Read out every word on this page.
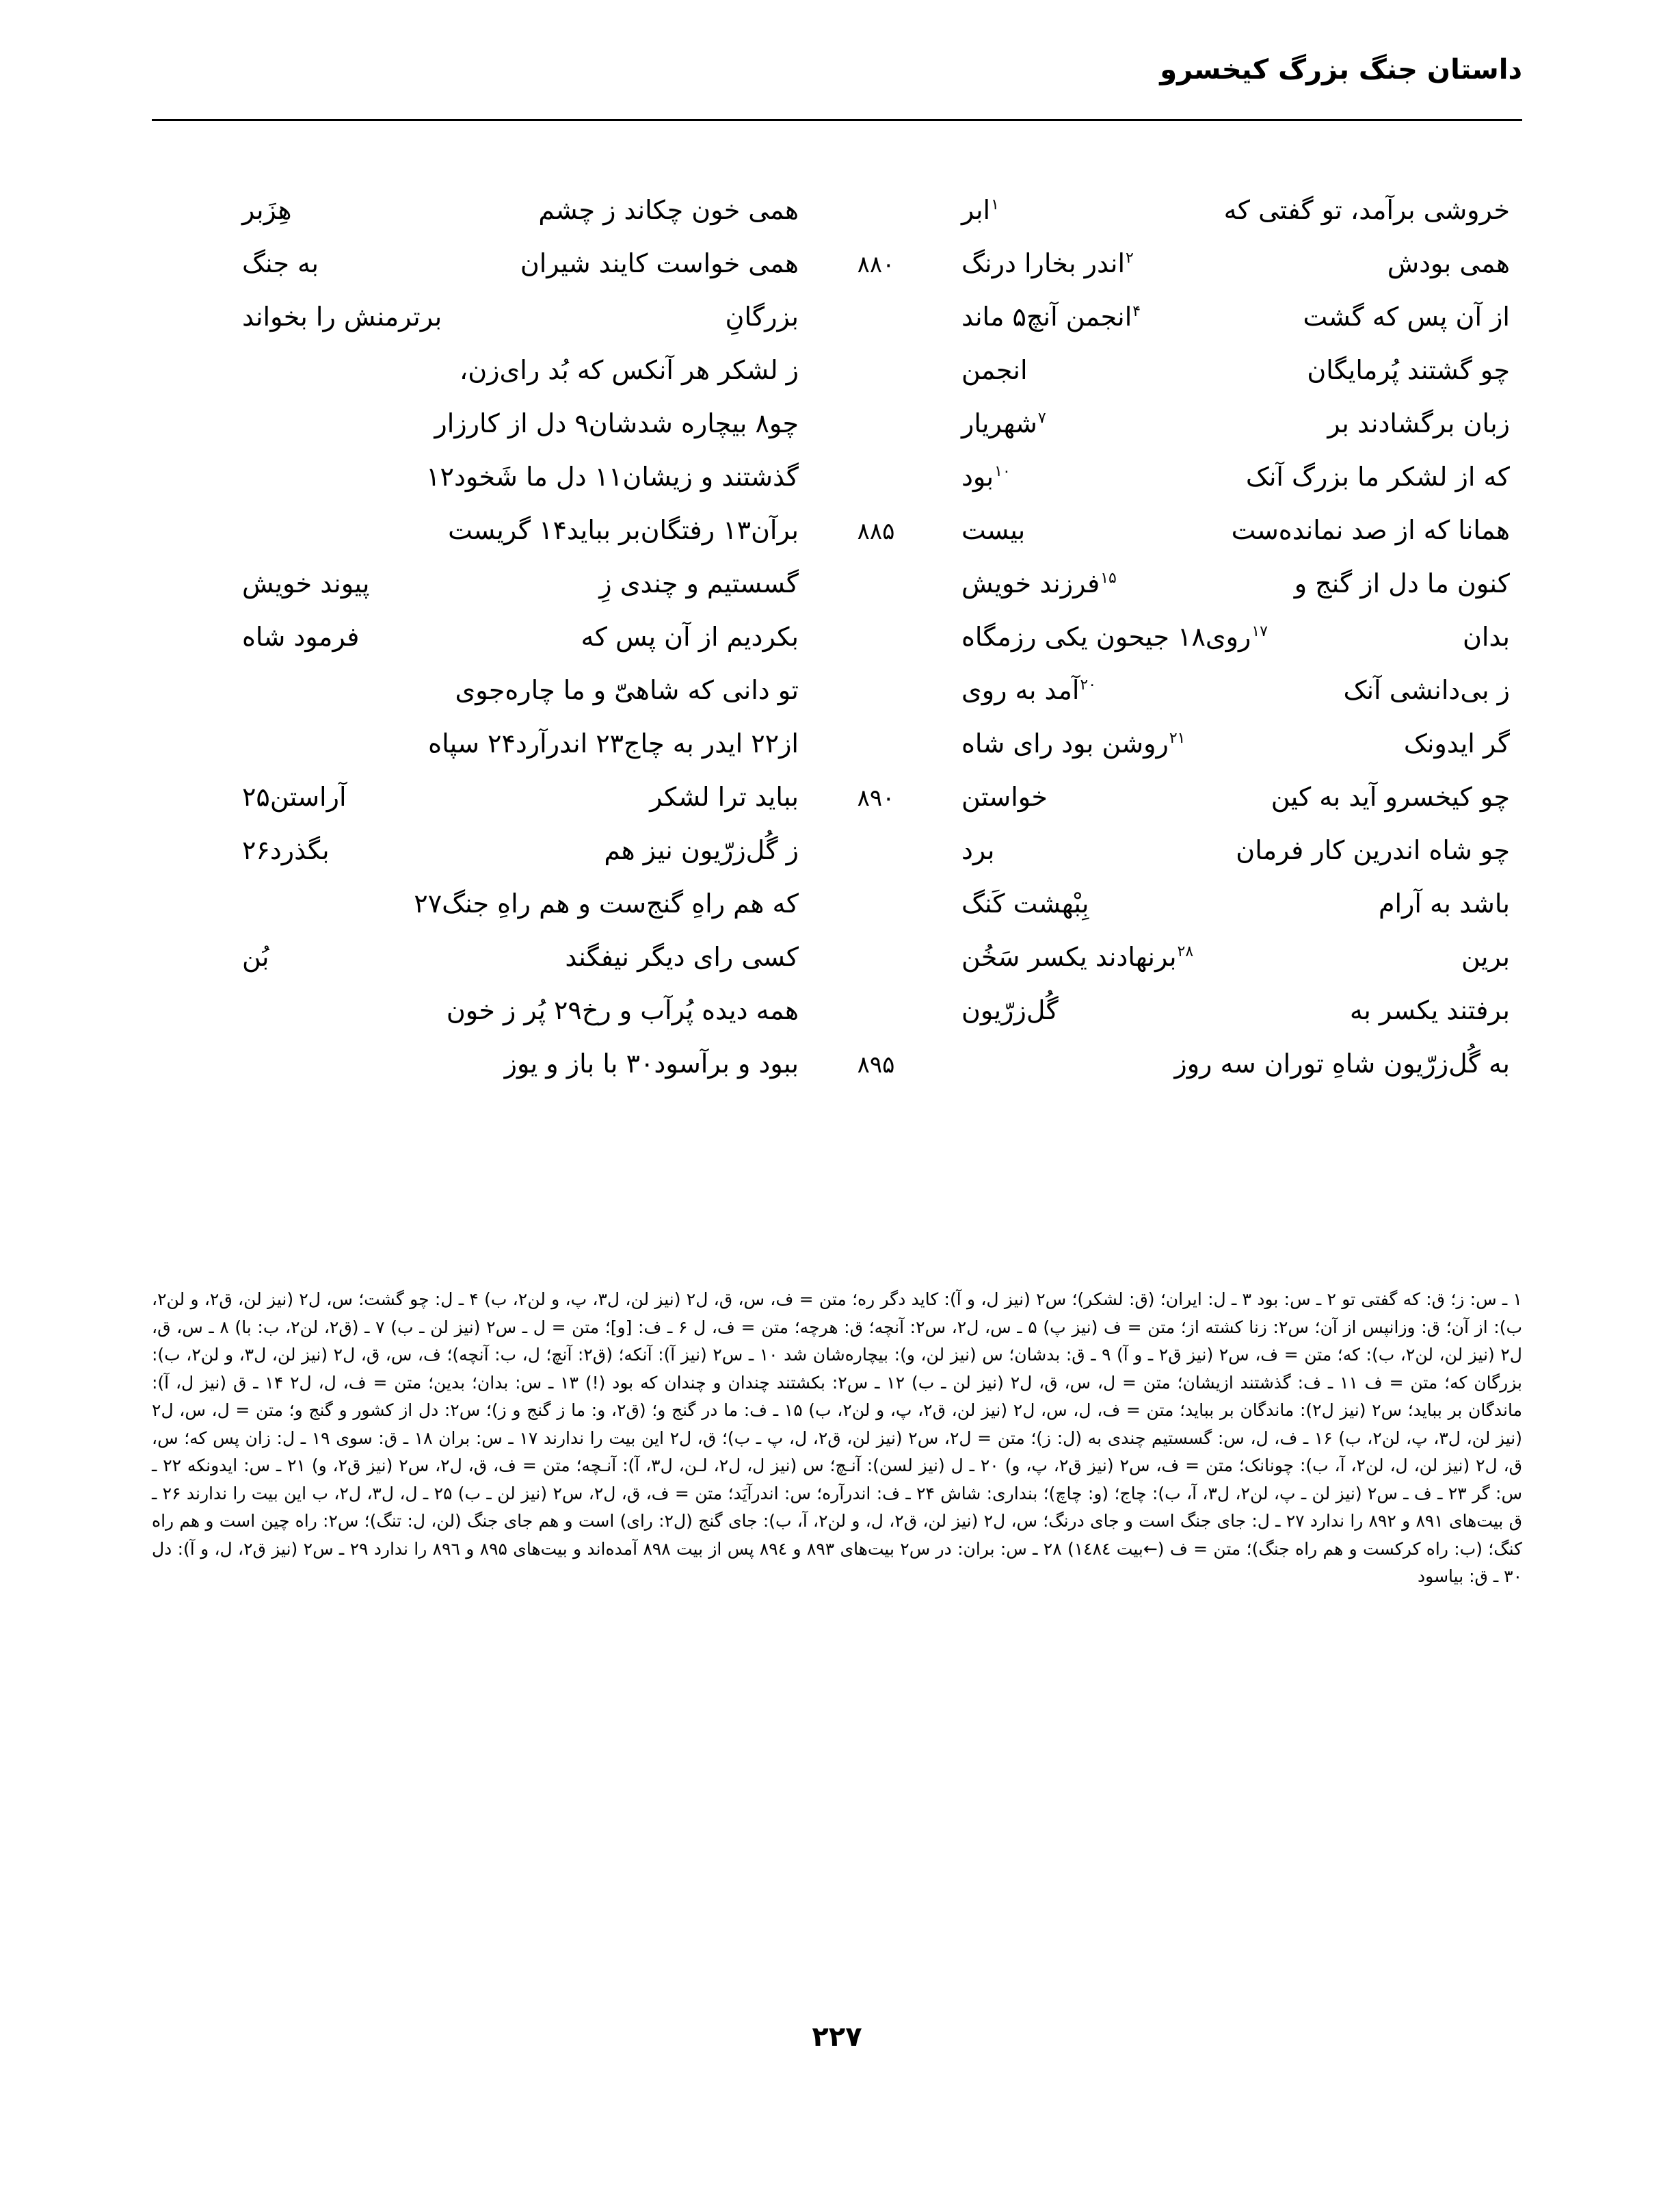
داستان جنگ بزرگ کیخسرو
خروشی برآمد، تو گفتی که
$^۱$ابر
همی خون چکاند ز چشم
هِزَبر
همی بودش
$^۲$اندر بخارا درنگ
۸۸۰
همی خواست کایند شیران
به جنگ
از آن پس که گشت
$^۴$انجمن آنچ۵ ماند
بزرگانِ
برترمنش را بخواند
چو گشتند پُرمایگان
انجمن
ز لشکر هر آنکس که بُد رای‌زن،
زبان برگشادند بر
$^۷$شهریار
چو۸ بیچاره شدشان۹ دل از کارزار
که از لشکر ما بزرگ آنک
$^{۱۰}$بود
گذشتند و زیشان۱۱ دل ما شَخود۱۲
همانا که از صد نمانده‌ست
بیست
۸۸۵
برآن۱۳ رفتگان‌بر بباید۱۴ گریست
کنون ما دل از گنج و
$^{۱۵}$فرزند خویش
گسستیم و چندی زِ
پیوند خویش
بدان
$^{۱۷}$روی۱۸ جیحون یکی رزمگاه
بکردیم از آن پس که
فرمود شاه
ز بی‌دانشی آنک
$^{۲۰}$آمد به روی
تو دانی که شاهیّ و ما چاره‌جوی
گر ایدونک
$^{۲۱}$روشن بود رای شاه
از۲۲ ایدر به چاج۲۳ اندرآرد۲۴ سپاه
چو کیخسرو آید به کین
خواستن
۸۹۰
بباید ترا لشکر
آراستن۲۵
چو شاه اندرین کار فرمان
برد
ز گُل‌زرّیون نیز هم
بگذرد۲۶
باشد به آرام
بِبْهشت کَنگ
که هم راهِ گنج‌ست و هم راهِ جنگ۲۷
برین
$^{۲۸}$برنهادند یکسر سَخُن
کسی رای دیگر نیفگند
بُن
برفتند یکسر به
گُل‌زرّیون
همه دیده پُرآب و رخ۲۹ پُر ز خون
به گُل‌زرّیون شاهِ توران سه روز
۸۹۵
ببود و برآسود۳۰ با باز و یوز
۱ ـ س: ز؛ ق: که گفتی تو ۲ ـ س: بود ۳ ـ ل: ایران؛ (ق: لشکر)؛ س۲ (نیز ل، و آ): کاید دگر ره؛ متن = ف، س، ق، ل۲ (نیز لن، ل۳، پ، و لن۲، ب) ۴ ـ ل: چو گشت؛ س، ل۲ (نیز لن، ق۲، و لن۲، ب): از آن؛ ق: وزانپس از آن؛ س۲: زنا کشته از؛ متن = ف (نیز پ) ۵ ـ س، ل۲، س۲: آنچه؛ ق: هرچه؛ متن = ف، ل ۶ ـ ف: [و]؛ متن = ل ـ س۲ (نیز لن ـ ب) ۷ ـ (ق۲، لن۲، ب: با) ۸ ـ س، ق، ل۲ (نیز لن، لن۲، ب): که؛ متن = ف، س۲ (نیز ق۲ ـ و آ) ۹ ـ ق: بدشان؛ س (نیز لن، و): بیچاره‌شان شد ۱۰ ـ س۲ (نیز آ): آنکه؛ (ق۲: آنچ؛ ل، ب: آنچه)؛ ف، س، ق، ل۲ (نیز لن، ل۳، و لن۲، ب): بزرگان که؛ متن = ف ۱۱ ـ ف: گذشتند ازیشان؛ متن = ل، س، ق، ل۲ (نیز لن ـ ب) ۱۲ ـ س۲: بکشتند چندان و چندان که بود (!) ۱۳ ـ س: بدان؛ بدین؛ متن = ف، ل، ل۲ ۱۴ ـ ق (نیز ل، آ): ماندگان بر بباید؛ س۲ (نیز ل۲): ماندگان بر بباید؛ متن = ف، ل، س، ل۲ (نیز لن، ق۲، پ، و لن۲، ب) ۱۵ ـ ف: ما در گنج و؛ (ق۲، و: ما ز گنج و ز)؛ س۲: دل از کشور و گنج و؛ متن = ل، س، ل۲ (نیز لن، ل۳، پ، لن۲، ب) ۱۶ ـ ف، ل، س: گسستیم چندی به (ل: ز)؛ متن = ل۲، س۲ (نیز لن، ق۲، ل، پ ـ ب)؛ ق، ل۲ این بیت را ندارند ۱۷ ـ س: بران ۱۸ ـ ق: سوی ۱۹ ـ ل: زان پس که‌؛ س، ق، ل۲ (نیز لن، ل، لن۲، آ، ب): چونانک؛ متن = ف، س۲ (نیز ق۲، پ، و) ۲۰ ـ ل (نیز لسن): آنـچ؛ س (نیز ل، ل۲، لـن، ل۳، آ): آنـچه؛ متن = ف، ق، ل۲، س۲ (نیز ق۲، و) ۲۱ ـ س: ایدونکه ۲۲ ـ س: گر ۲۳ ـ ف ـ س۲ (نیز لن ـ پ، لن۲، ل۳، آ، ب): چاج؛ (و: چاچ)؛ بنداری: شاش ۲۴ ـ ف: اندرآره؛ س: اندرآیَد؛ متن = ف، ق، ل۲، س۲ (نیز لن ـ ب) ۲۵ ـ ل، ل۳، ل۲، ب این بیت را ندارند ۲۶ ـ ق بیت‌های ۸۹۱ و ۸۹۲ را ندارد ۲۷ ـ ل: جای جنگ است و جای درنگ؛ س، ل۲ (نیز لن، ق۲، ل، و لن۲، آ، ب): جای گنج (ل۲: رای) است و هم جای جنگ (لن، ل: تنگ)؛ س۲: راه چین است و هم راه کنگ؛ (ب: راه کرکست و هم راه جنگ)؛ متن = ف (←بیت ۱٤۸٤) ۲۸ ـ س: بران: در س۲ بیت‌های ۸۹۳ و ۸۹٤ پس از بیت ۸۹۸ آمده‌اند و بیت‌های ۸۹۵ و ۸۹٦ را ندارد ۲۹ ـ س۲ (نیز ق۲، ل، و آ): دل ۳۰ ـ ق: بیاسود
۲۲۷
